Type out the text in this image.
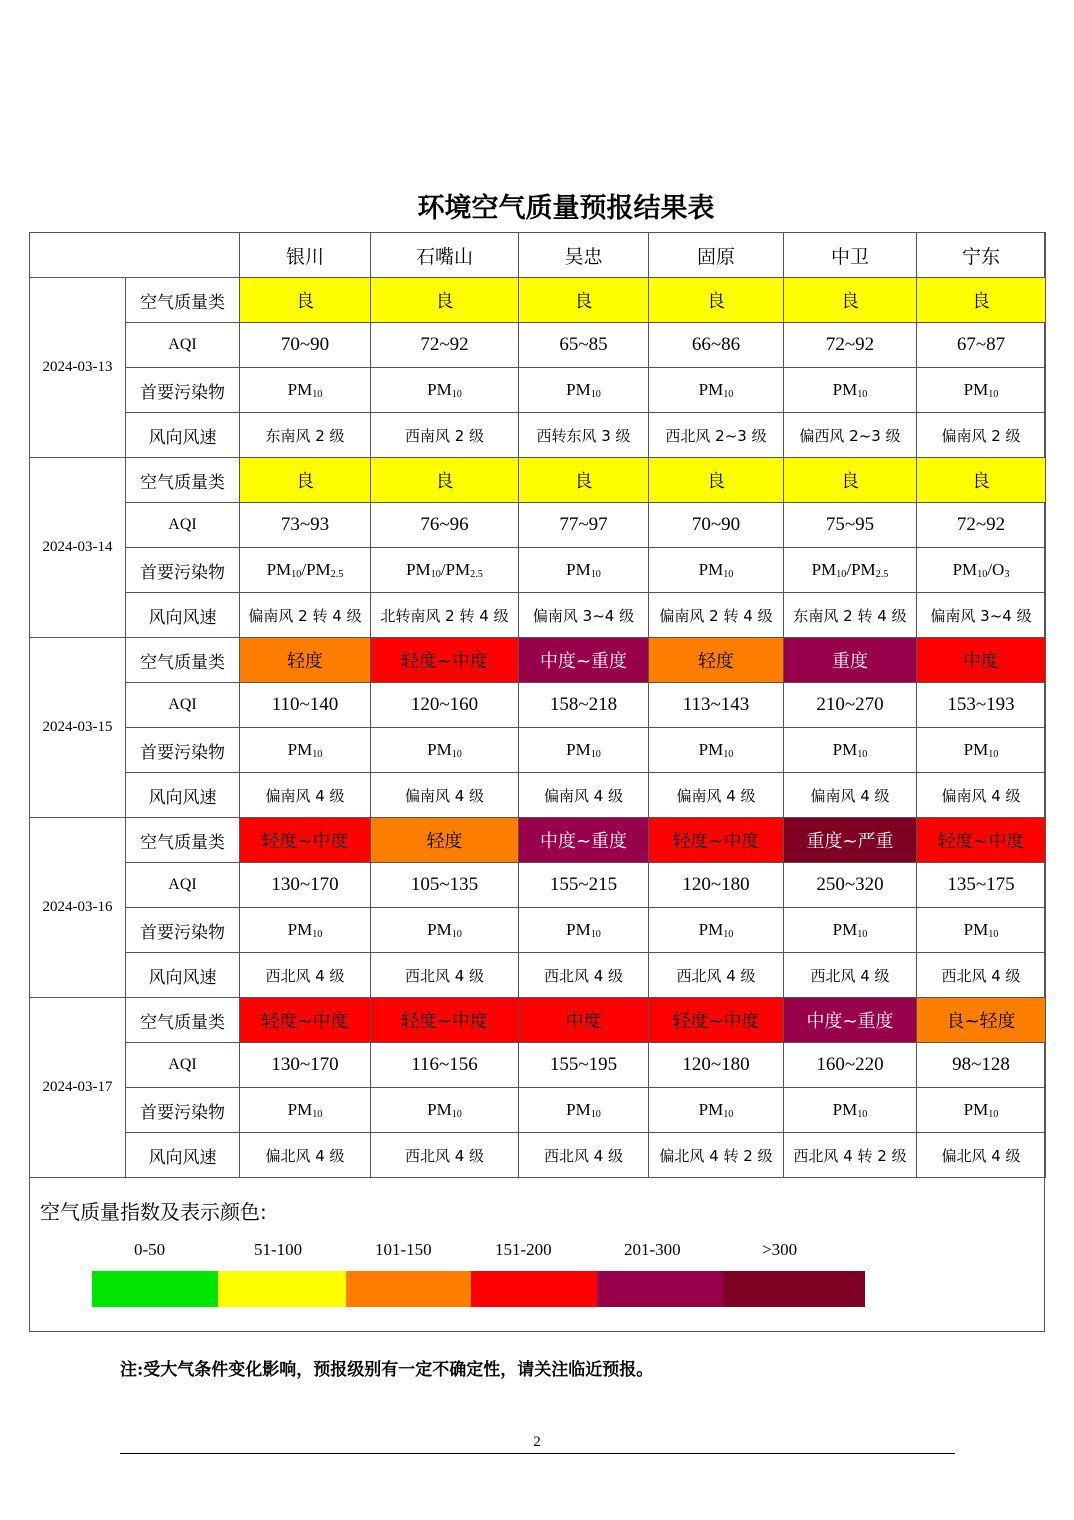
环境空气质量预报结果表
		银川	石嘴山	吴忠	固原	中卫	宁东
2024-03-13	空气质量类	良	良	良	良	良	良
	AQI	70~90	72~92	65~85	66~86	72~92	67~87
	首要污染物	$PM_{10}$	$PM_{10}$	$PM_{10}$	$PM_{10}$	$PM_{10}$	$PM_{10}$
	风向风速	东南风 2 级	西南风 2 级	西转东风 3 级	西北风 2~3 级	偏西风 2~3 级	偏南风 2 级
2024-03-14	空气质量类	良	良	良	良	良	良
	AQI	73~93	76~96	77~97	70~90	75~95	72~92
	首要污染物	$PM_{10}/PM_{2.5}$	$PM_{10}/PM_{2.5}$	$PM_{10}$	$PM_{10}$	$PM_{10}/PM_{2.5}$	$PM_{10}/O_3$
	风向风速	偏南风 2 转 4 级	北转南风 2 转 4 级	偏南风 3~4 级	偏南风 2 转 4 级	东南风 2 转 4 级	偏南风 3~4 级
2024-03-15	空气质量类	轻度	轻度~中度	中度~重度	轻度	重度	中度
	AQI	110~140	120~160	158~218	113~143	210~270	153~193
	首要污染物	$PM_{10}$	$PM_{10}$	$PM_{10}$	$PM_{10}$	$PM_{10}$	$PM_{10}$
	风向风速	偏南风 4 级	偏南风 4 级	偏南风 4 级	偏南风 4 级	偏南风 4 级	偏南风 4 级
2024-03-16	空气质量类	轻度~中度	轻度	中度~重度	轻度~中度	重度~严重	轻度~中度
	AQI	130~170	105~135	155~215	120~180	250~320	135~175
	首要污染物	$PM_{10}$	$PM_{10}$	$PM_{10}$	$PM_{10}$	$PM_{10}$	$PM_{10}$
	风向风速	西北风 4 级	西北风 4 级	西北风 4 级	西北风 4 级	西北风 4 级	西北风 4 级
2024-03-17	空气质量类	轻度~中度	轻度~中度	中度	轻度~中度	中度~重度	良~轻度
	AQI	130~170	116~156	155~195	120~180	160~220	98~128
	首要污染物	$PM_{10}$	$PM_{10}$	$PM_{10}$	$PM_{10}$	$PM_{10}$	$PM_{10}$
	风向风速	偏北风 4 级	西北风 4 级	西北风 4 级	偏北风 4 转 2 级	西北风 4 转 2 级	偏北风 4 级
空气质量指数及表示颜色:
0-50	51-100	101-150	151-200	201-300	>300
注:受大气条件变化影响，预报级别有一定不确定性，请关注临近预报。
2
